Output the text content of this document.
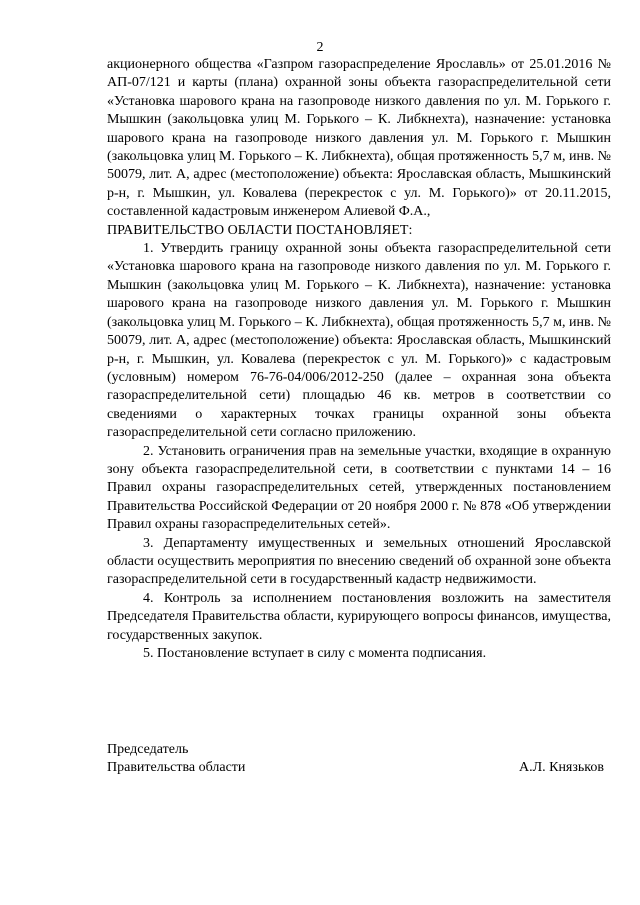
2

акционерного общества «Газпром газораспределение Ярославль» от 25.01.2016 № АП-07/121 и карты (плана) охранной зоны объекта газораспределительной сети «Установка шарового крана на газопроводе низкого давления по ул. М. Горького г. Мышкин (закольцовка улиц М. Горького – К. Либкнехта), назначение: установка шарового крана на газопроводе низкого давления ул. М. Горького г. Мышкин (закольцовка улиц М. Горького – К. Либкнехта), общая протяженность 5,7 м, инв. № 50079, лит. А, адрес (местоположение) объекта: Ярославская область, Мышкинский р-н, г. Мышкин, ул. Ковалева (перекресток с ул. М. Горького)» от 20.11.2015, составленной кадастровым инженером Алиевой Ф.А.,

ПРАВИТЕЛЬСТВО ОБЛАСТИ ПОСТАНОВЛЯЕТ:

1. Утвердить границу охранной зоны объекта газораспределительной сети «Установка шарового крана на газопроводе низкого давления по ул. М. Горького г. Мышкин (закольцовка улиц М. Горького – К. Либкнехта), назначение: установка шарового крана на газопроводе низкого давления ул. М. Горького г. Мышкин (закольцовка улиц М. Горького – К. Либкнехта), общая протяженность 5,7 м, инв. № 50079, лит. А, адрес (местоположение) объекта: Ярославская область, Мышкинский р-н, г. Мышкин, ул. Ковалева (перекресток с ул. М. Горького)» с кадастровым (условным) номером 76-76-04/006/2012-250 (далее – охранная зона объекта газораспределительной сети) площадью 46 кв. метров в соответствии со сведениями о характерных точках границы охранной зоны объекта газораспределительной сети согласно приложению.

2. Установить ограничения прав на земельные участки, входящие в охранную зону объекта газораспределительной сети, в соответствии с пунктами 14 – 16 Правил охраны газораспределительных сетей, утвержденных постановлением Правительства Российской Федерации от 20 ноября 2000 г. № 878 «Об утверждении Правил охраны газораспределительных сетей».

3. Департаменту имущественных и земельных отношений Ярославской области осуществить мероприятия по внесению сведений об охранной зоне объекта газораспределительной сети в государственный кадастр недвижимости.

4. Контроль за исполнением постановления возложить на заместителя Председателя Правительства области, курирующего вопросы финансов, имущества, государственных закупок.

5. Постановление вступает в силу с момента подписания.

Председатель

Правительства области	А.Л. Князьков
